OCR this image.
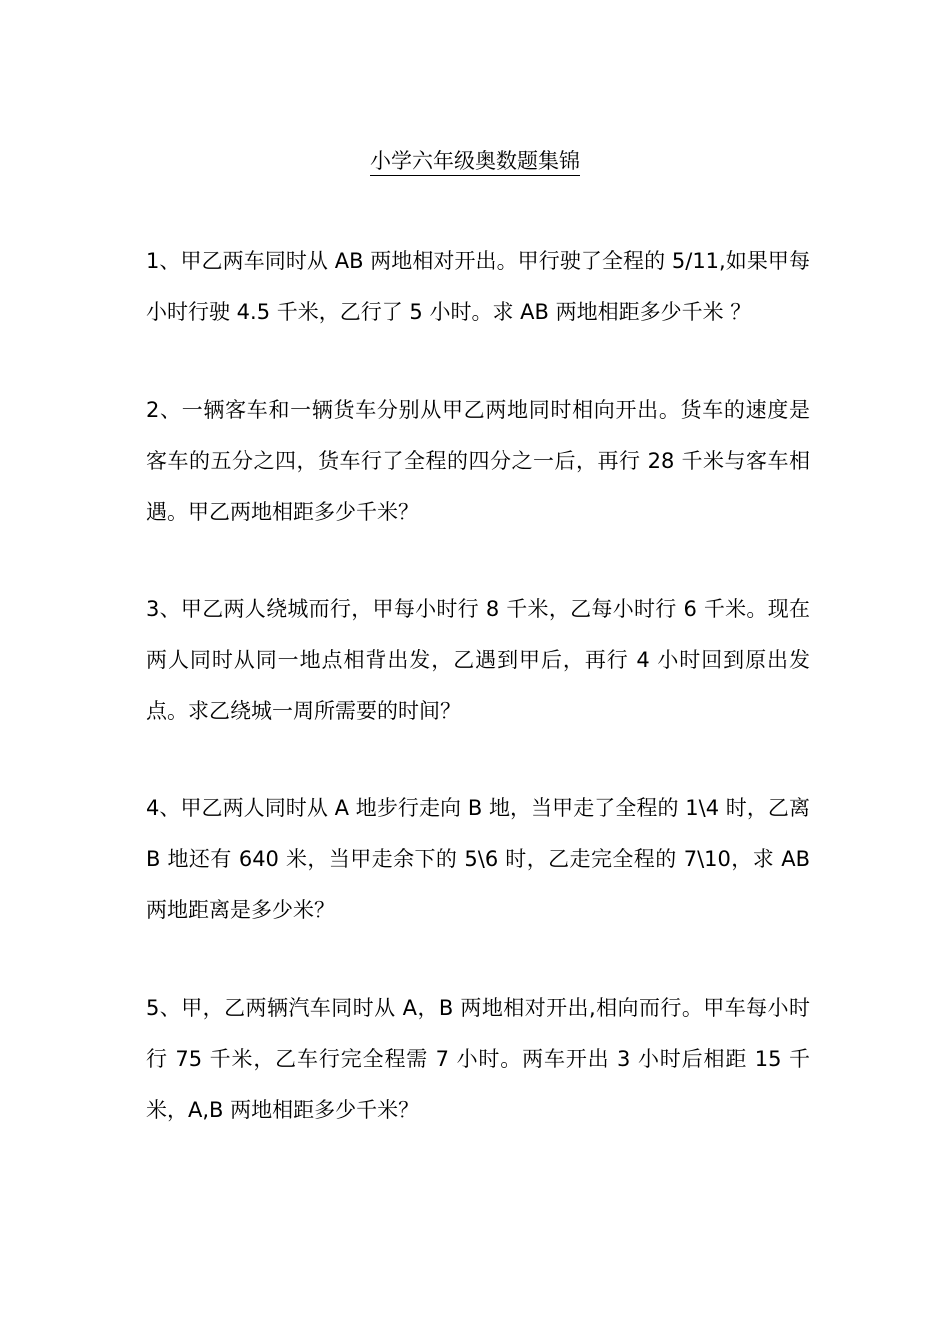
小学六年级奥数题集锦

1、甲乙两车同时从 AB 两地相对开出。甲行驶了全程的 5/11,如果甲每小时行驶 4.5 千米，乙行了 5 小时。求 AB 两地相距多少千米 ？

2、一辆客车和一辆货车分别从甲乙两地同时相向开出。货车的速度是客车的五分之四，货车行了全程的四分之一后，再行 28 千米与客车相遇。甲乙两地相距多少千米？

3、甲乙两人绕城而行，甲每小时行 8 千米，乙每小时行 6 千米。现在两人同时从同一地点相背出发，乙遇到甲后，再行 4 小时回到原出发点。求乙绕城一周所需要的时间？

4、甲乙两人同时从 A 地步行走向 B 地，当甲走了全程的 1\4 时，乙离 B 地还有 640 米，当甲走余下的 5\6 时，乙走完全程的 7\10，求 AB 两地距离是多少米？

5、甲，乙两辆汽车同时从 A，B 两地相对开出,相向而行。甲车每小时行 75 千米，乙车行完全程需 7 小时。两车开出 3 小时后相距 15 千米，A,B 两地相距多少千米？
